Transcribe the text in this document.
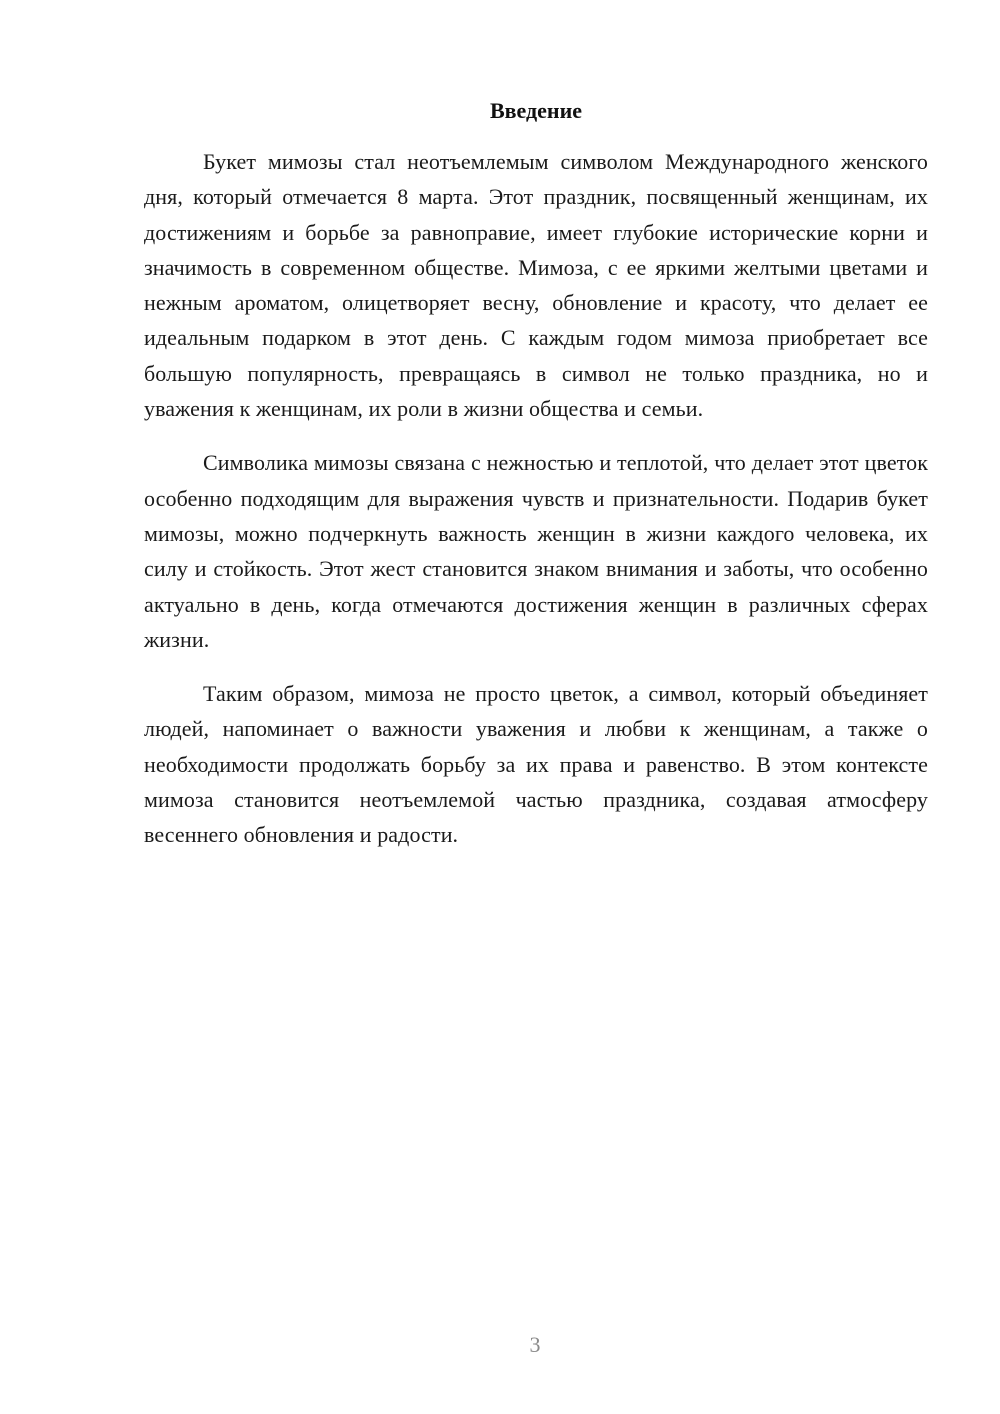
Введение

Букет мимозы стал неотъемлемым символом Международного женского дня, который отмечается 8 марта. Этот праздник, посвященный женщинам, их достижениям и борьбе за равноправие, имеет глубокие исторические корни и значимость в современном обществе. Мимоза, с ее яркими желтыми цветами и нежным ароматом, олицетворяет весну, обновление и красоту, что делает ее идеальным подарком в этот день. С каждым годом мимоза приобретает все большую популярность, превращаясь в символ не только праздника, но и уважения к женщинам, их роли в жизни общества и семьи.

Символика мимозы связана с нежностью и теплотой, что делает этот цветок особенно подходящим для выражения чувств и признательности. Подарив букет мимозы, можно подчеркнуть важность женщин в жизни каждого человека, их силу и стойкость. Этот жест становится знаком внимания и заботы, что особенно актуально в день, когда отмечаются достижения женщин в различных сферах жизни.

Таким образом, мимоза не просто цветок, а символ, который объединяет людей, напоминает о важности уважения и любви к женщинам, а также о необходимости продолжать борьбу за их права и равенство. В этом контексте мимоза становится неотъемлемой частью праздника, создавая атмосферу весеннего обновления и радости.

3
